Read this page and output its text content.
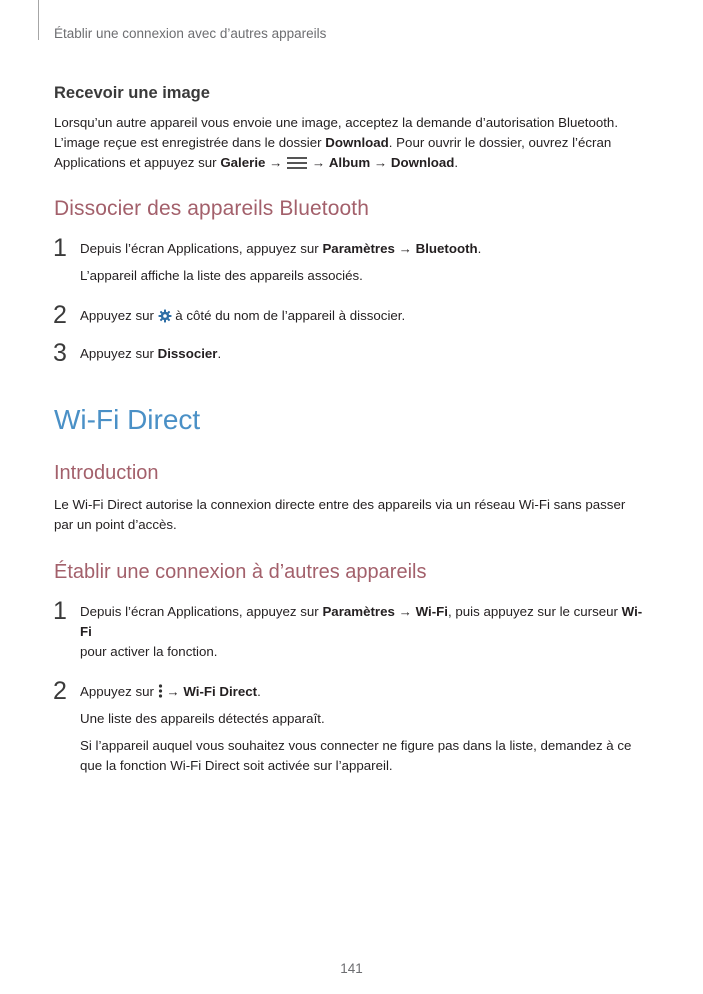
Établir une connexion avec d’autres appareils
Recevoir une image

Lorsqu’un autre appareil vous envoie une image, acceptez la demande d’autorisation Bluetooth.
L’image reçue est enregistrée dans le dossier Download. Pour ouvrir le dossier, ouvrez l’écran
Applications et appuyez sur Galerie → → Album → Download.

Dissocier des appareils Bluetooth
1 Depuis l’écran Applications, appuyez sur Paramètres → Bluetooth.

L’appareil affiche la liste des appareils associés.

2 Appuyez sur  à côté du nom de l’appareil à dissocier.

3 Appuyez sur Dissocier.

Wi-Fi Direct
Introduction

Le Wi-Fi Direct autorise la connexion directe entre des appareils via un réseau Wi-Fi sans passer par un point d’accès.

Établir une connexion à d’autres appareils
1 Depuis l’écran Applications, appuyez sur Paramètres → Wi-Fi, puis appuyez sur le curseur Wi-Fi
pour activer la fonction.

2 Appuyez sur  → Wi-Fi Direct.

Une liste des appareils détectés apparaît.

Si l’appareil auquel vous souhaitez vous connecter ne figure pas dans la liste, demandez à ce que la fonction Wi-Fi Direct soit activée sur l’appareil.

141
